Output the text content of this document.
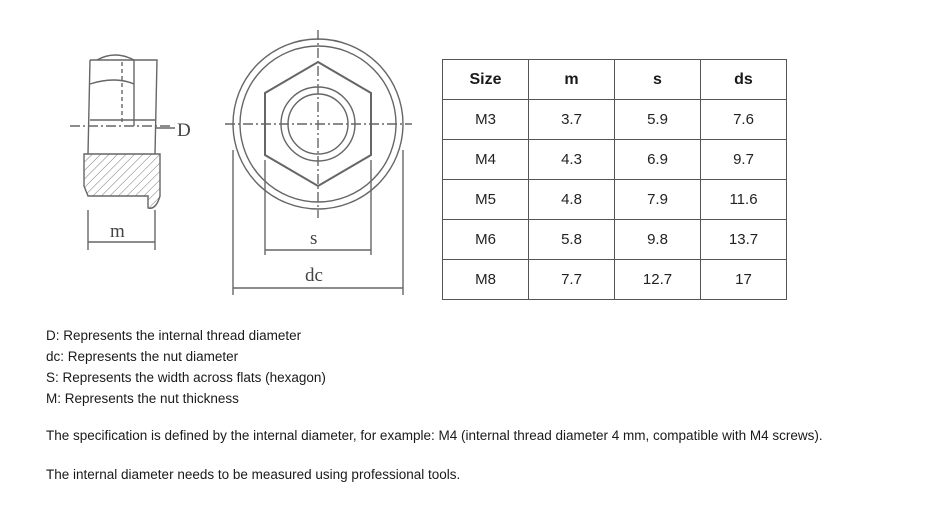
D
m	s
dc
Size	m	s	ds
M3	3.7	5.9	7.6
M4	4.3	6.9	9.7
M5	4.8	7.9	11.6
M6	5.8	9.8	13.7
M8	7.7	12.7	17

D: Represents the internal thread diameter

dc: Represents the nut diameter

S: Represents the width across flats (hexagon)

M: Represents the nut thickness

The specification is defined by the internal diameter, for example: M4 (internal thread diameter 4 mm, compatible with M4 screws).

The internal diameter needs to be measured using professional tools.
